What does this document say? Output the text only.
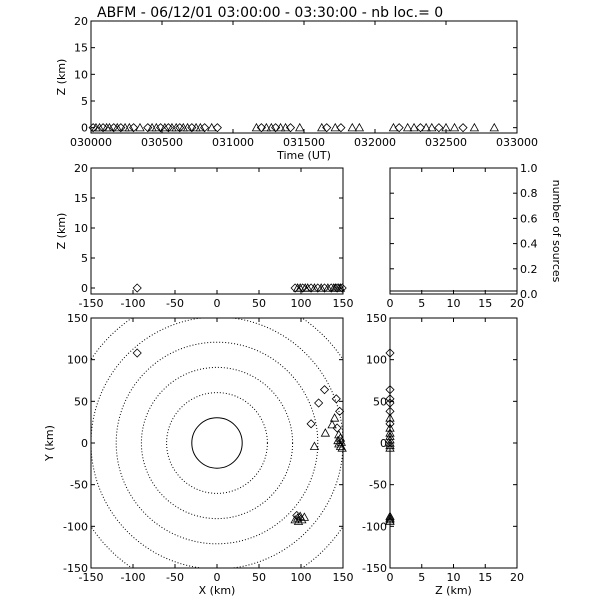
ABFM - 06/12/01 03:00:00 - 03:30:00 - nb loc.= 0
030000	030500	031000	031500	032000	032500	033000
0
5
10
15
20
Time (UT)
Z (km)
-150 -100 -50	0	50 100 150
0
5
10
15
20
Z (km)
0 5 10 15 20
0.0
0.2
0.4
0.6
0.8
1.0
number of sources
-150 -100 -50	0	50 100 150
-150
-100
-50
0
50
100
150
X (km)
Y (km)
0 5 10 15 20
-150
-100
-50
0
50
100
150
Z (km)
